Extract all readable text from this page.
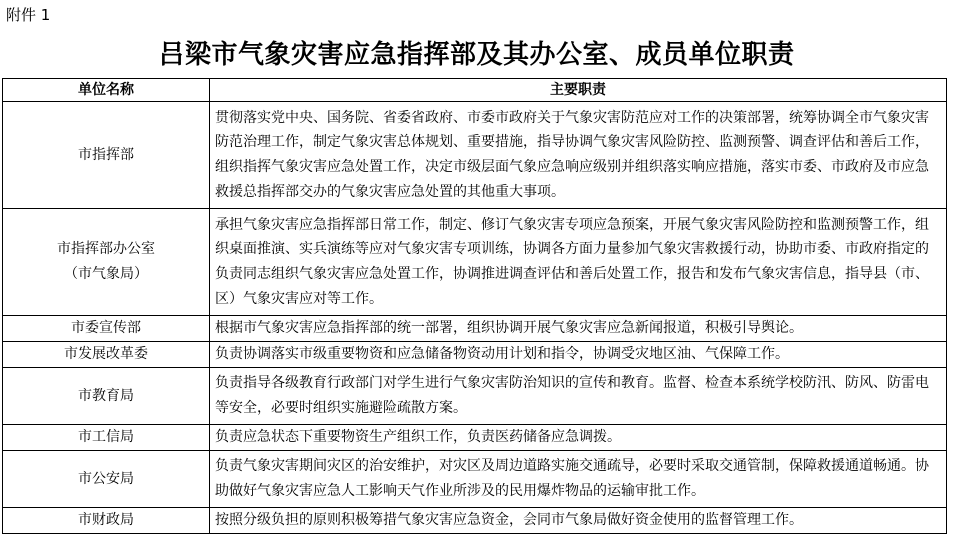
附件 1
吕梁市气象灾害应急指挥部及其办公室、成员单位职责
单位名称	主要职责

市指挥部	贯彻落实党中央、国务院、省委省政府、市委市政府关于气象灾害防范应对工作的决策部署，统筹协调全市气象灾害防范治理工作，制定气象灾害总体规划、重要措施，指导协调气象灾害风险防控、监测预警、调查评估和善后工作，组织指挥气象灾害应急处置工作，决定市级层面气象应急响应级别并组织落实响应措施，落实市委、市政府及市应急救援总指挥部交办的气象灾害应急处置的其他重大事项。

市指挥部办公室
（市气象局）	承担气象灾害应急指挥部日常工作，制定、修订气象灾害专项应急预案，开展气象灾害风险防控和监测预警工作，组织桌面推演、实兵演练等应对气象灾害专项训练，协调各方面力量参加气象灾害救援行动，协助市委、市政府指定的负责同志组织气象灾害应急处置工作，协调推进调查评估和善后处置工作，报告和发布气象灾害信息，指导县（市、区）气象灾害应对等工作。

市委宣传部	根据市气象灾害应急指挥部的统一部署，组织协调开展气象灾害应急新闻报道，积极引导舆论。

市发展改革委	负责协调落实市级重要物资和应急储备物资动用计划和指令，协调受灾地区油、气保障工作。

市教育局	负责指导各级教育行政部门对学生进行气象灾害防治知识的宣传和教育。监督、检查本系统学校防汛、防风、防雷电等安全，必要时组织实施避险疏散方案。

市工信局	负责应急状态下重要物资生产组织工作，负责医药储备应急调拨。

市公安局	负责气象灾害期间灾区的治安维护，对灾区及周边道路实施交通疏导，必要时采取交通管制，保障救援通道畅通。协助做好气象灾害应急人工影响天气作业所涉及的民用爆炸物品的运输审批工作。

市财政局	按照分级负担的原则积极筹措气象灾害应急资金，会同市气象局做好资金使用的监督管理工作。
